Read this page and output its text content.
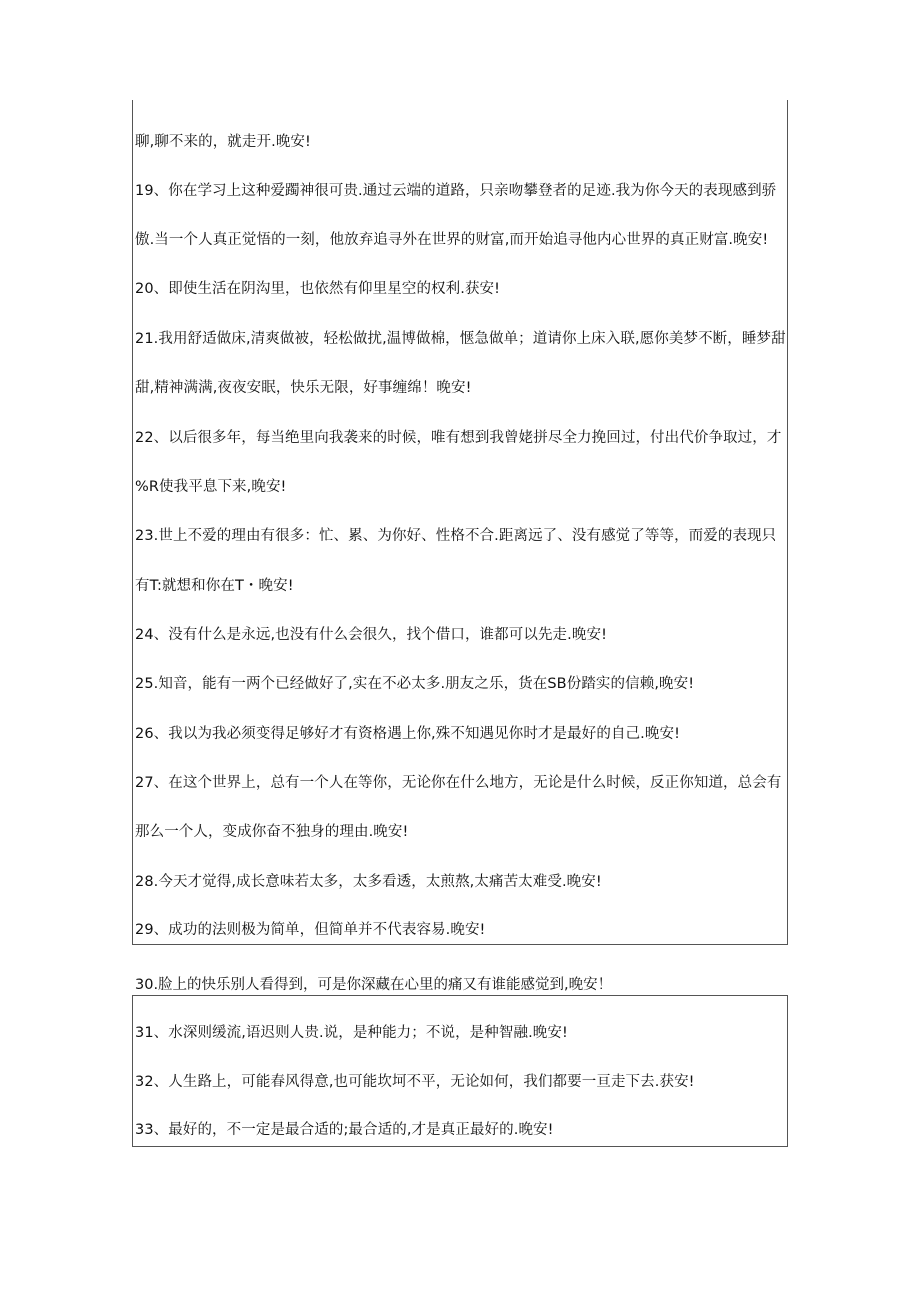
聊,聊不来的，就走开.晚安!
19、你在学习上这种爱躅神很可贵.通过云端的道路，只亲吻攀登者的足迹.我为你今天的表现感到骄
傲.当一个人真正觉悟的一刻，他放弃追寻外在世界的财富,而开始追寻他内心世界的真正财富.晚安!
20、即使生活在阴沟里，也依然有仰里星空的权利.获安!
21.我用舒适做床,清爽做被，轻松做扰,温博做棉，惬急做单；道请你上床入联,愿你美梦不断，睡梦甜
甜,精神满满,夜夜安眠，快乐无限，好事缠绵！晚安!
22、以后很多年，每当绝里向我袭来的时候，唯有想到我曾姥拼尽全力挽回过，付出代价争取过，才
%R使我平息下来,晚安!
23.世上不爱的理由有很多：忙、累、为你好、性格不合.距离远了、没有感觉了等等，而爱的表现只
有T:就想和你在T・晚安!
24、没有什么是永远,也没有什么会很久，找个借口，谁都可以先走.晚安!
25.知音，能有一两个已经做好了,实在不必太多.朋友之乐，货在SB份踏实的信赖,晚安!
26、我以为我必须变得足够好才有资格遇上你,殊不知遇见你时才是最好的自己.晚安!
27、在这个世界上，总有一个人在等你，无论你在什么地方，无论是什么时候，反正你知道，总会有
那么一个人，变成你奋不独身的理由.晚安!
28.今天才觉得,成长意味若太多，太多看透，太煎熬,太痛苦太难受.晚安!
29、成功的法则极为简单，但简单并不代表容易.晚安!
30.脸上的快乐别人看得到，可是你深藏在心里的痛又有谁能感觉到,晚安！
31、水深则缓流,语迟则人贵.说，是种能力；不说，是种智融.晚安!
32、人生路上，可能春风得意,也可能坎坷不平，无论如何，我们都要一亘走下去.获安!
33、最好的，不一定是最合适的;最合适的,才是真正最好的.晚安!
